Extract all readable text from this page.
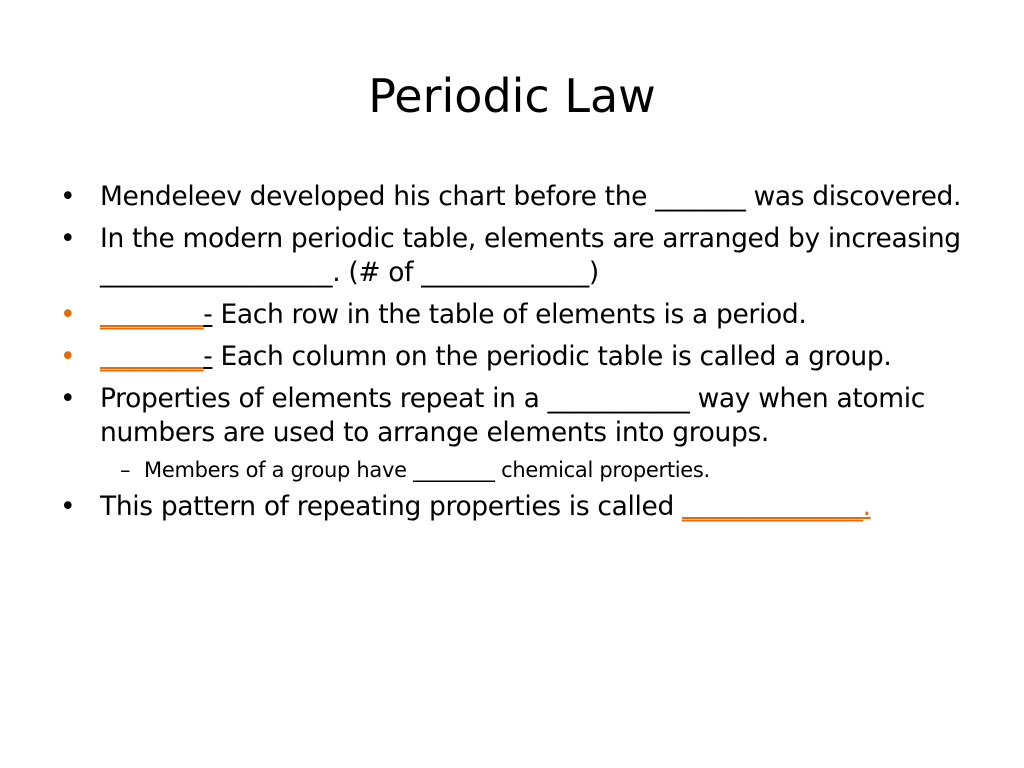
Periodic Law
• Mendeleev developed his chart before the _______ was discovered.
• In the modern periodic table, elements are arranged by increasing __________________. (# of _____________)
• ________- Each row in the table of elements is a period.
• ________- Each column on the periodic table is called a group.
• Properties of elements repeat in a ___________ way when atomic numbers are used to arrange elements into groups.
– Members of a group have ________ chemical properties.
• This pattern of repeating properties is called ______________.
